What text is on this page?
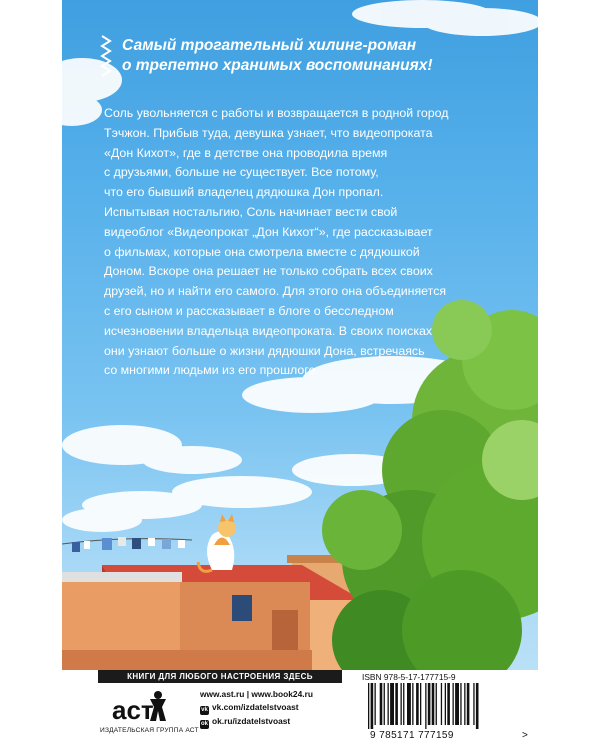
Самый трогательный хилинг-роман
о трепетно хранимых воспоминаниях!
Соль увольняется с работы и возвращается в родной город
Тэчжон. Прибыв туда, девушка узнает, что видеопроката
«Дон Кихот», где в детстве она проводила время
с друзьями, больше не существует. Все потому,
что его бывший владелец дядюшка Дон пропал.
Испытывая ностальгию, Соль начинает вести свой
видеоблог «Видеопрокат „Дон Кихот“», где рассказывает
о фильмах, которые она смотрела вместе с дядюшкой
Доном. Вскоре она решает не только собрать всех своих
друзей, но и найти его самого. Для этого она объединяется
с его сыном и рассказывает в блоге о бесследном
исчезновении владельца видеопроката. В своих поисках
они узнают больше о жизни дядюшки Дона, встречаясь
со многими людьми из его прошлого.
КНИГИ ДЛЯ ЛЮБОГО НАСТРОЕНИЯ ЗДЕСЬ
аст
ИЗДАТЕЛЬСКАЯ ГРУППА АСТ
www.ast.ru | www.book24.ru
vk vk.com/izdatelstvoast
ok ok.ru/izdatelstvoast
ISBN 978-5-17-177715-9
9 785171 777159	>
